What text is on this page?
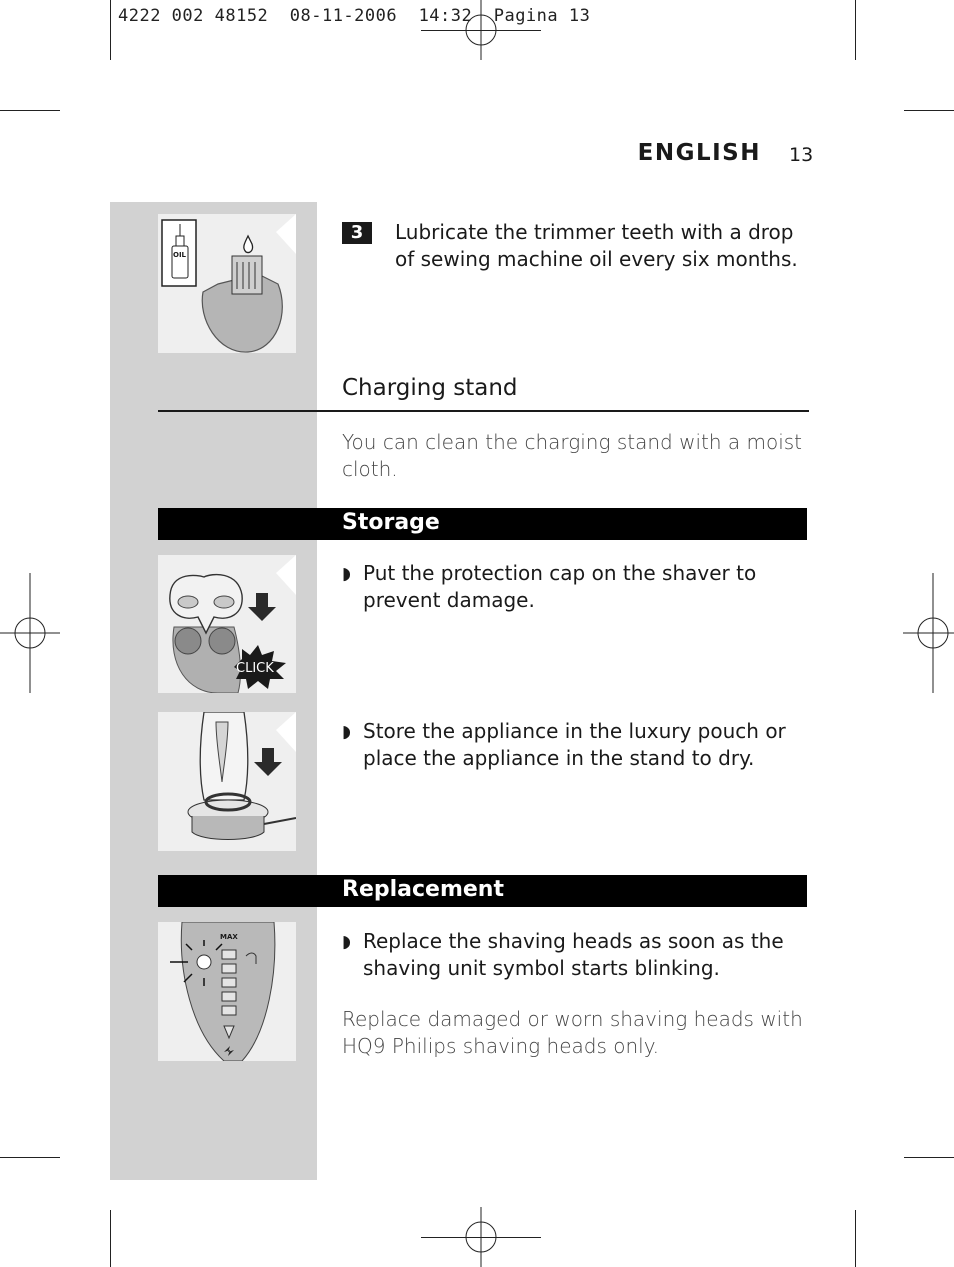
4222 002 48152  08-11-2006  14:32  Pagina 13
ENGLISH 13
OIL
3	Lubricate the trimmer teeth with a drop
of sewing machine oil every six months.
Charging stand
You can clean the charging stand with a moist
cloth.
Storage
CLICK
◗ Put the protection cap on the shaver to
prevent damage.
◗ Store the appliance in the luxury pouch or
place the appliance in the stand to dry.
Replacement
MAX	◗ Replace the shaving heads as soon as the
shaving unit symbol starts blinking.
Replace damaged or worn shaving heads with
HQ9 Philips shaving heads only.
